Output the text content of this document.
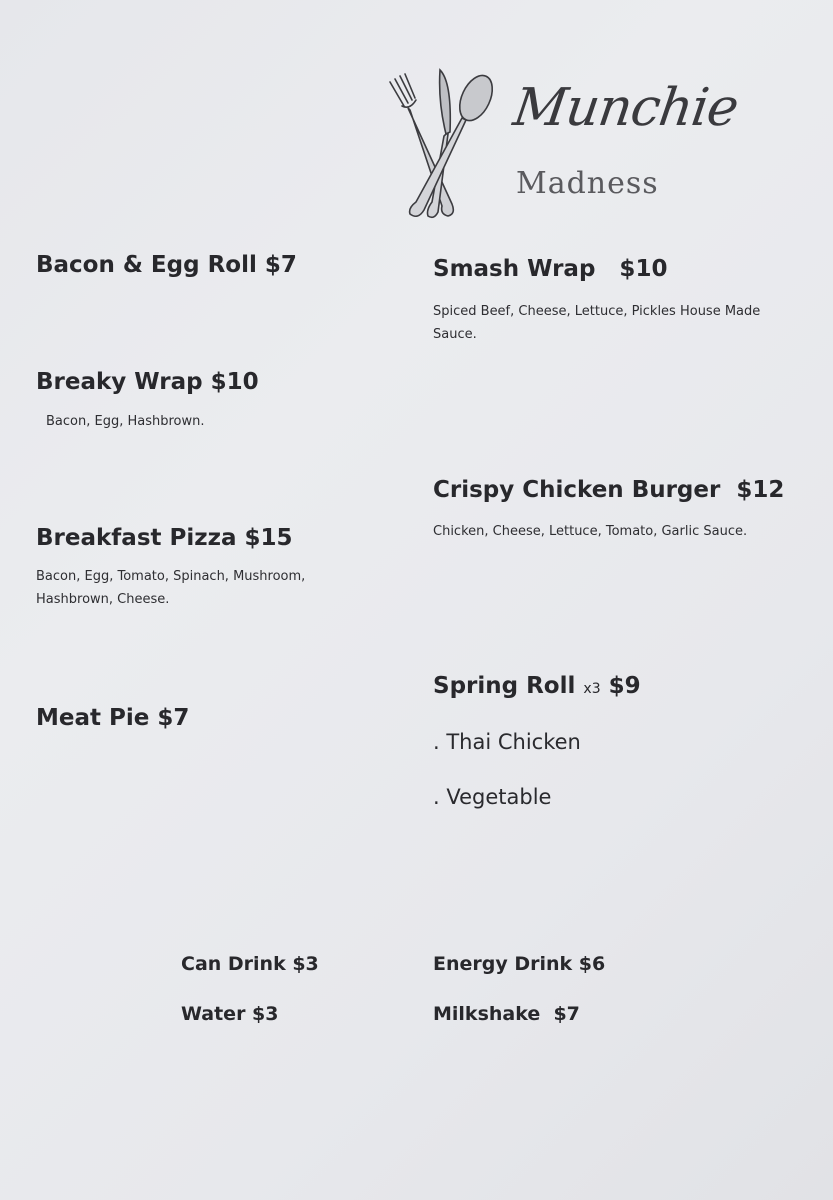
Munchie
Madness
Bacon & Egg Roll $7
Breaky Wrap $10
Bacon, Egg, Hashbrown.
Breakfast Pizza $15
Bacon, Egg, Tomato, Spinach, Mushroom,
Hashbrown, Cheese.
Meat Pie $7
Smash Wrap   $10
Spiced Beef, Cheese, Lettuce, Pickles House Made
Sauce.
Crispy Chicken Burger  $12
Chicken, Cheese, Lettuce, Tomato, Garlic Sauce.
Spring Roll x3 $9
. Thai Chicken
. Vegetable
Can Drink $3
Water $3
Energy Drink $6
Milkshake  $7
